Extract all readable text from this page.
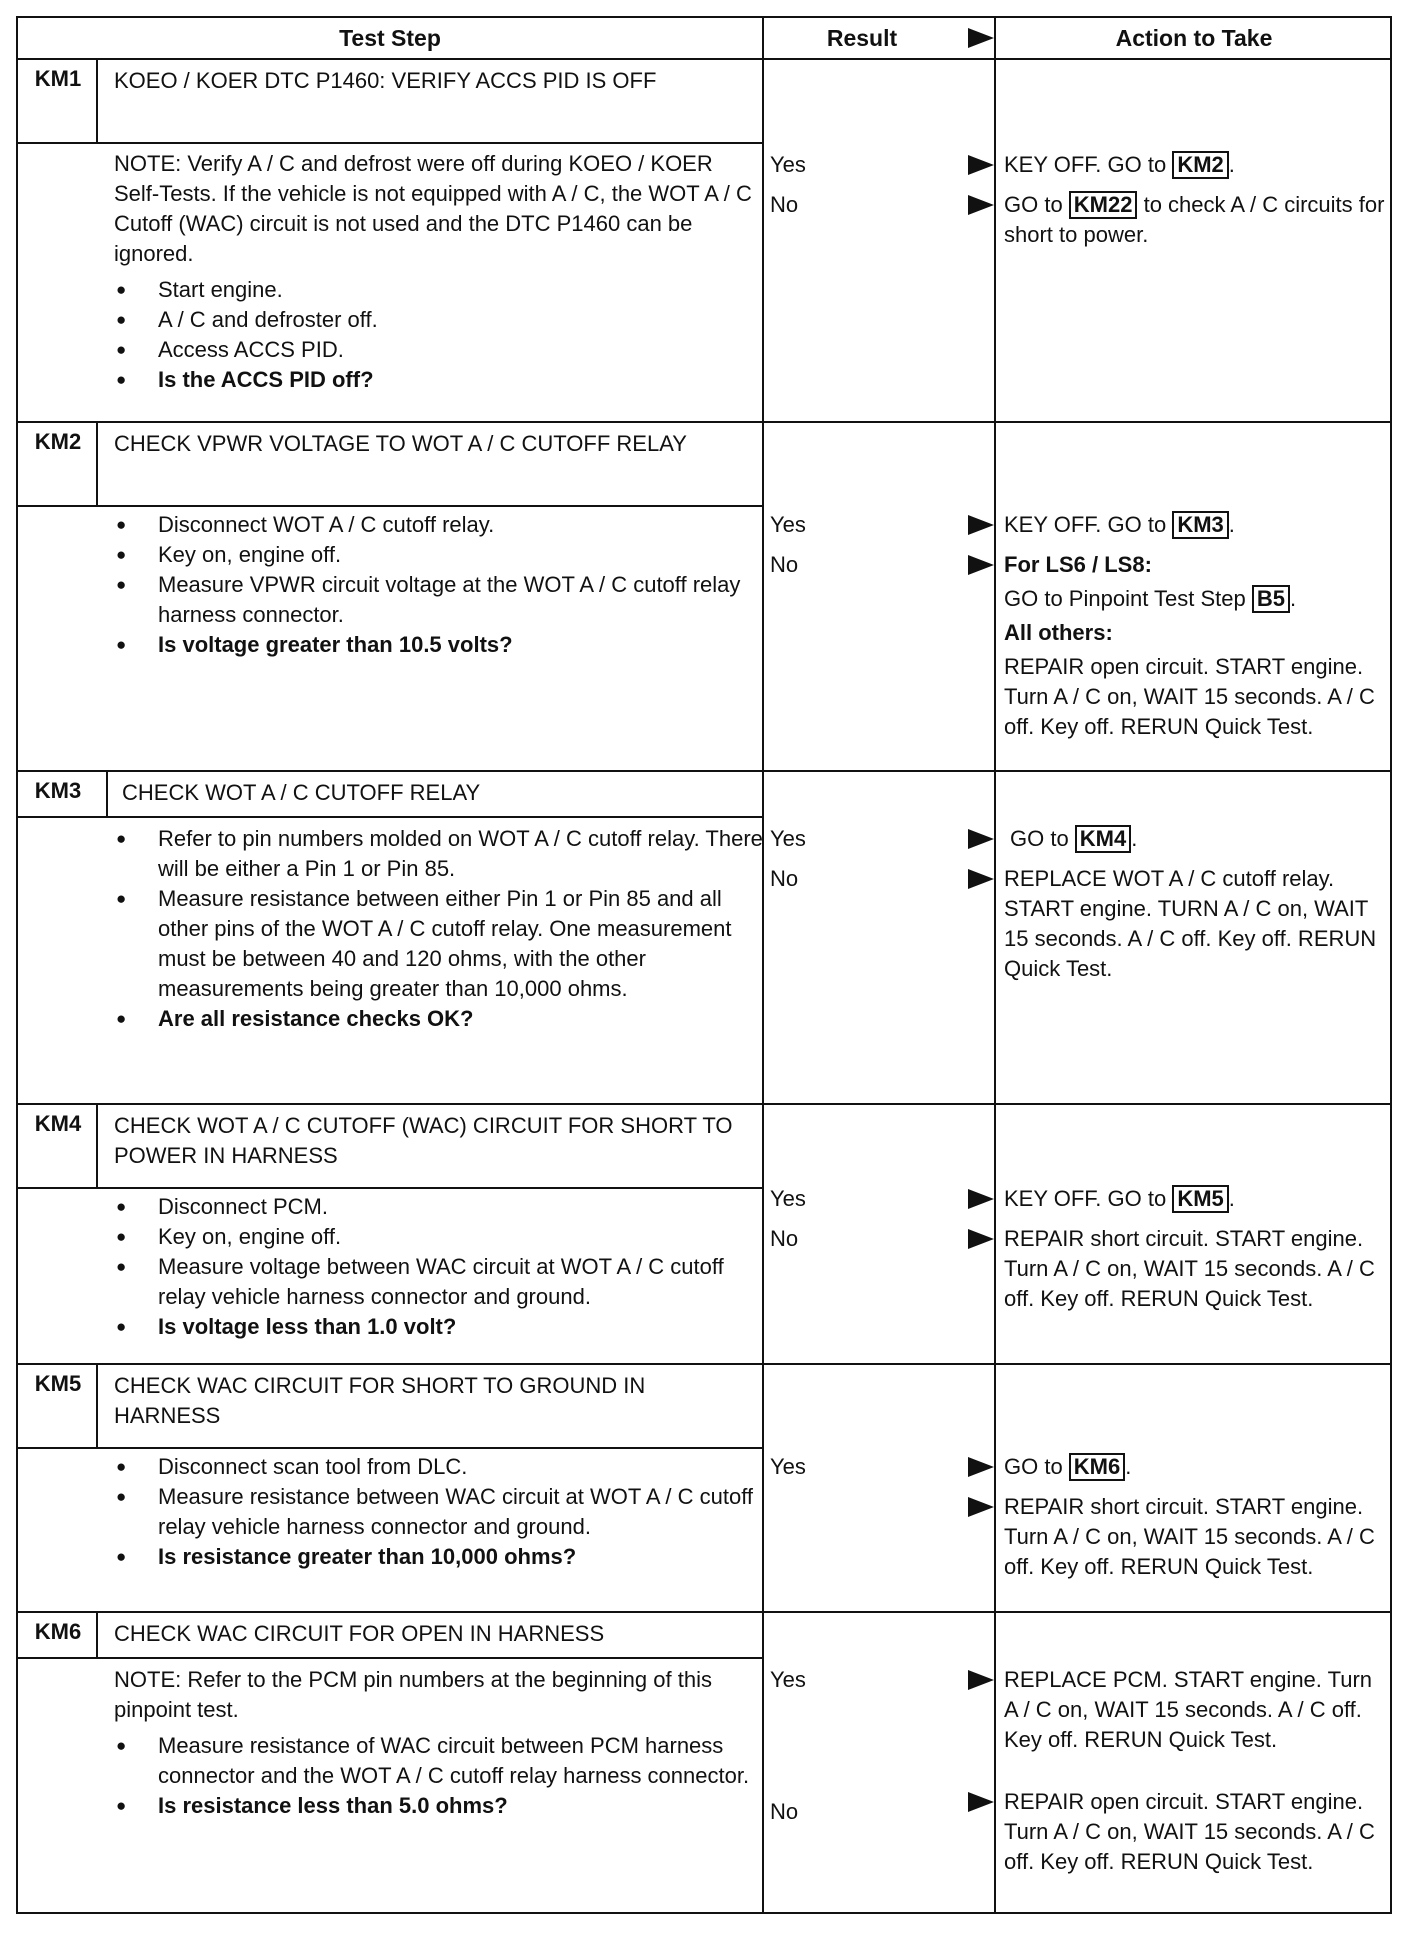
Test Step	Result	Action to Take
KM1	KOEO / KOER DTC P1460: VERIFY ACCS PID IS OFF

NOTE: Verify A / C and defrost were off during KOEO / KOER Self-Tests. If the vehicle is not equipped with A / C, the WOT A / C Cutoff (WAC) circuit is not used and the DTC P1460 can be ignored.

● Start engine.
● A / C and defroster off.
● Access ACCS PID.
● Is the ACCS PID off?
Yes	KEY OFF. GO to KM2 .
No	GO to KM22 to check A / C circuits for short to power.
KM2	CHECK VPWR VOLTAGE TO WOT A / C CUTOFF RELAY
● Disconnect WOT A / C cutoff relay.
● Key on, engine off.
● Measure VPWR circuit voltage at the WOT A / C cutoff relay harness connector.
● Is voltage greater than 10.5 volts?
Yes	KEY OFF. GO to KM3 .
No	For LS6 / LS8:

GO to Pinpoint Test Step B5 .

All others:

REPAIR open circuit. START engine. Turn A / C on, WAIT 15 seconds. A / C off. Key off. RERUN Quick Test.

KM3	CHECK WOT A / C CUTOFF RELAY
● Refer to pin numbers molded on WOT A / C cutoff relay. There will be either a Pin 1 or Pin 85.
● Measure resistance between either Pin 1 or Pin 85 and all other pins of the WOT A / C cutoff relay. One measurement must be between 40 and 120 ohms, with the other measurements being greater than 10,000 ohms.
● Are all resistance checks OK?
Yes	GO to KM4 .
No	REPLACE WOT A / C cutoff relay. START engine. TURN A / C on, WAIT 15 seconds. A / C off. Key off. RERUN Quick Test.
KM4	CHECK WOT A / C CUTOFF (WAC) CIRCUIT FOR SHORT TO POWER IN HARNESS
● Disconnect PCM.
● Key on, engine off.
● Measure voltage between WAC circuit at WOT A / C cutoff relay vehicle harness connector and ground.
● Is voltage less than 1.0 volt?
Yes	KEY OFF. GO to KM5 .
No	REPAIR short circuit. START engine. Turn A / C on, WAIT 15 seconds. A / C off. Key off. RERUN Quick Test.
KM5	CHECK WAC CIRCUIT FOR SHORT TO GROUND IN HARNESS
● Disconnect scan tool from DLC.
● Measure resistance between WAC circuit at WOT A / C cutoff relay vehicle harness connector and ground.
● Is resistance greater than 10,000 ohms?
Yes	GO to KM6 .
REPAIR short circuit. START engine. Turn A / C on, WAIT 15 seconds. A / C off. Key off. RERUN Quick Test.
KM6	CHECK WAC CIRCUIT FOR OPEN IN HARNESS

NOTE: Refer to the PCM pin numbers at the beginning of this pinpoint test.

● Measure resistance of WAC circuit between PCM harness connector and the WOT A / C cutoff relay harness connector.
● Is resistance less than 5.0 ohms?
Yes	REPLACE PCM. START engine. Turn A / C on, WAIT 15 seconds. A / C off. Key off. RERUN Quick Test.
No	REPAIR open circuit. START engine. Turn A / C on, WAIT 15 seconds. A / C off. Key off. RERUN Quick Test.
